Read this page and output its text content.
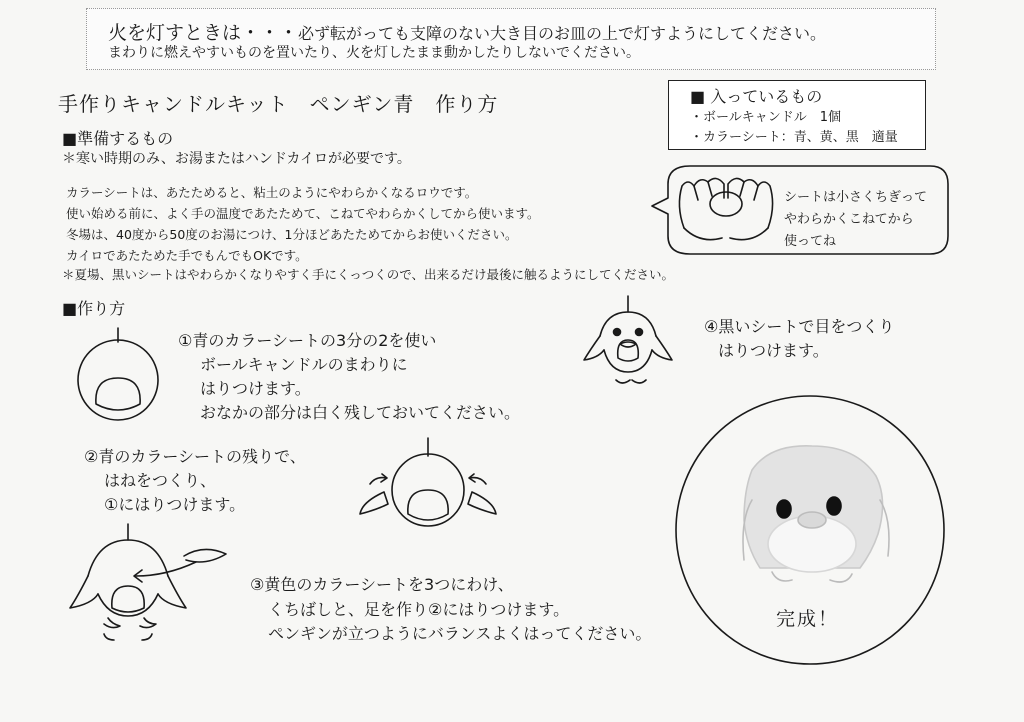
火を灯すときは・・・必ず転がっても支障のない大き目のお皿の上で灯すようにしてください。
まわりに燃えやすいものを置いたり、火を灯したまま動かしたりしないでください。
手作りキャンドルキット　ペンギン青　作り方	■ 入っているもの
・ボールキャンドル　1個
・カラーシート：青、黄、黒　適量
■準備するもの
＊寒い時期のみ、お湯またはハンドカイロが必要です。
カラーシートは、あたためると、粘土のようにやわらかくなるロウです。
使い始める前に、よく手の温度であたためて、こねてやわらかくしてから使います。
冬場は、40度から50度のお湯につけ、1分ほどあたためてからお使いください。
カイロであたためた手でもんでもOKです。
＊夏場、黒いシートはやわらかくなりやすく手にくっつくので、出来るだけ最後に触るようにしてください。
シートは小さくちぎって
やわらかくこねてから
使ってね
■作り方
①青のカラーシートの3分の2を使い
ボールキャンドルのまわりに
はりつけます。
おなかの部分は白く残しておいてください。
②青のカラーシートの残りで、
はねをつくり、
①にはりつけます。
③黄色のカラーシートを3つにわけ、
くちばしと、足を作り②にはりつけます。
ペンギンが立つようにバランスよくはってください。
④黒いシートで目をつくり
はりつけます。
完成！
